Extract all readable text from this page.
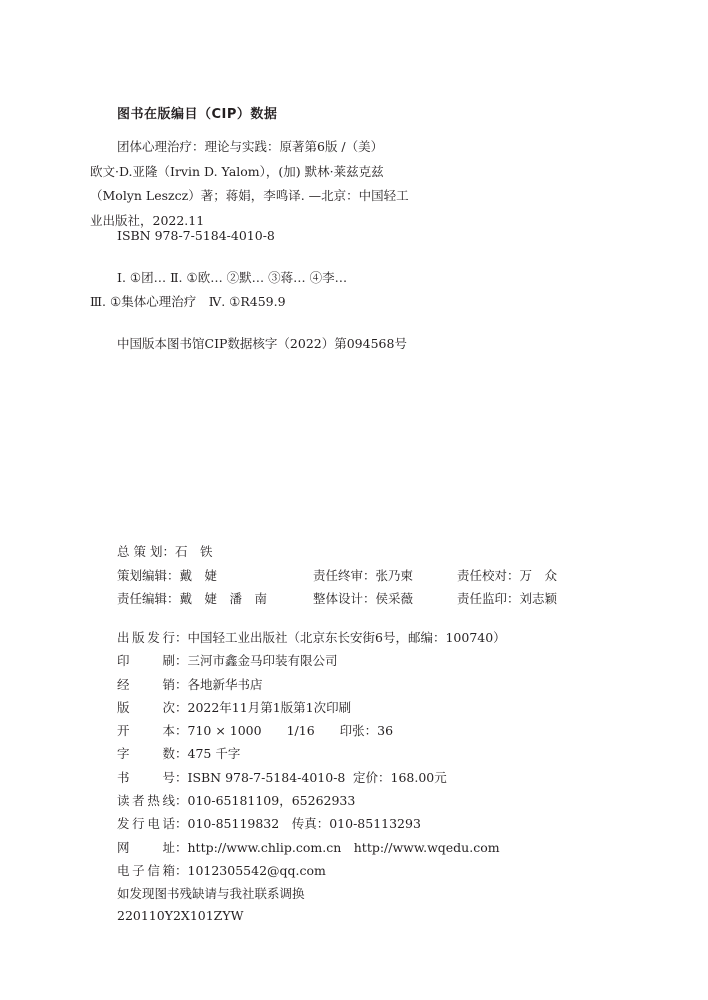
图书在版编目（CIP）数据
团体心理治疗：理论与实践：原著第6版 /（美）
欧文·D.亚隆（Irvin D. Yalom），(加) 默林·莱兹克兹
（Molyn Leszcz）著；蒋娟，李鸣译. —北京：中国轻工
业出版社，2022.11
ISBN 978-7-5184-4010-8
Ⅰ. ①团… Ⅱ. ①欧… ②默… ③蒋… ④李…
Ⅲ. ①集体心理治疗　Ⅳ. ①R459.9
中国版本图书馆CIP数据核字（2022）第094568号
总 策 划：石　铁
策划编辑：戴　婕	责任终审：张乃柬	责任校对：万　众
责任编辑：戴　婕　潘　南	整体设计：侯采薇	责任监印：刘志颖
出版发行：中国轻工业出版社（北京东长安街6号，邮编：100740）
印刷：三河市鑫金马印装有限公司
经销：各地新华书店
版次：2022年11月第1版第1次印刷
开本：710 × 1000　　1/16　　印张：36
字数：475 千字
书号：ISBN 978-7-5184-4010-8 定价：168.00元
读者热线：010-65181109，65262933
发行电话：010-85119832　传真：010-85113293
网址：http://www.chlip.com.cn　http://www.wqedu.com
电子信箱：1012305542@qq.com
如发现图书残缺请与我社联系调换
220110Y2X101ZYW
